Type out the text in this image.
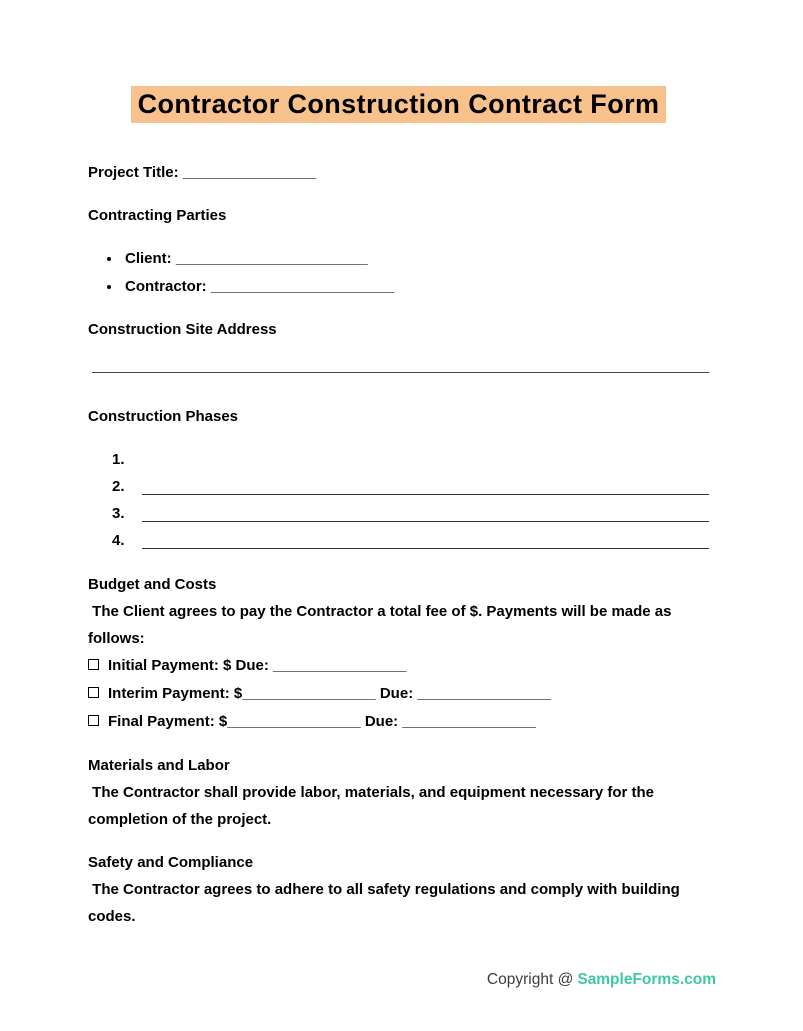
Contractor Construction Contract Form

Project Title: ________________

Contracting Parties

• Client: _______________________
• Contractor: ______________________

Construction Site Address

Construction Phases

1.
2.
3.
4.

Budget and Costs

The Client agrees to pay the Contractor a total fee of $. Payments will be made as follows:

Initial Payment: $ Due: ________________

Interim Payment: $________________ Due: ________________

Final Payment: $________________ Due: ________________

Materials and Labor

The Contractor shall provide labor, materials, and equipment necessary for the completion of the project.

Safety and Compliance

The Contractor agrees to adhere to all safety regulations and comply with building codes.

Copyright @ SampleForms.com
